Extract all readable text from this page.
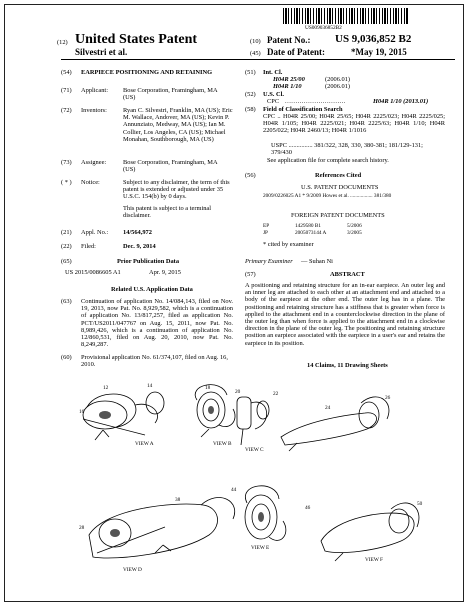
US009036852B2
(12) United States Patent
Silvestri et al.
(10) Patent No.: US 9,036,852 B2
(45) Date of Patent:	*May 19, 2015
(54) EARPIECE POSITIONING AND RETAINING
(71) Applicant: Bose Corporation, Framingham, MA (US)
(72) Inventors:	Ryan C. Silvestri, Franklin, MA (US); Eric M. Wallace, Andover, MA (US); Kevin P. Annunziato, Medway, MA (US); Ian M. Collier, Los Angeles, CA (US); Michael Monahan, Southborough, MA (US)
(73) Assignee:	Bose Corporation, Framingham, MA (US)
( * ) Notice:	Subject to any disclaimer, the term of this patent is extended or adjusted under 35 U.S.C. 154(b) by 0 days.
This patent is subject to a terminal disclaimer.
(21) Appl. No.: 14/564,972
(22) Filed:	Dec. 9, 2014
(65)	Prior Publication Data
US 2015/0086605 A1	Apr. 9, 2015
Related U.S. Application Data
(63) Continuation of application No. 14/084,143, filed on Nov. 19, 2013, now Pat. No. 8,929,582, which is a continuation of application No. 13/817,257, filed as application No. PCT/US2011/047767 on Aug. 15, 2011, now Pat. No. 8,989,426, which is a continuation of application No. 12/860,531, filed on Aug. 20, 2010, now Pat. No. 8,249,287.
(60) Provisional application No. 61/374,107, filed on Aug. 16, 2010.
(51) Int. Cl.
H04R 25/00	(2006.01)
H04R 1/10	(2006.01)
(52) U.S. Cl.
CPC .............................	H04R 1/10 (2013.01)
(58) Field of Classification Search
CPC .. H04R 25/00; H04R 25/65; H04R 2225/023; H04R 2225/025; H04R 1/105; H04R 2225/021; H04R 2225/63; H04R 1/10; H04R 2205/022; H04R 2460/13; H04R 1/1016
USPC ............... 381/322, 328, 330, 380-381; 181/129-131; 379/430
See application file for complete search history.
(56)	References Cited
U.S. PATENT DOCUMENTS
2009/0226025 A1 * 9/2009 Howes et al. ................. 381/380
FOREIGN PATENT DOCUMENTS
EP	1429580 B1	5/2006
JP	2005073144 A	3/2005
* cited by examiner
Primary Examiner — Suhan Ni
(57)	ABSTRACT
A positioning and retaining structure for an in-ear earpiece. An outer leg and an inner leg are attached to each other at an attachment end and attached to a body of the earpiece at the other end. The outer leg has in a plane. The positioning and retaining structure has a stiffness that is greater when force is applied to the attachment end in a counterclockwise direction in the plane of the outer leg than when force is applied to the attachment end in a clockwise direction in the plane of the outer leg. The positioning and retaining structure position an earpiece associated with the earpiece in a user's ear and retains the earpiece in its position.
14 Claims, 11 Drawing Sheets
VIEW A	VIEW B
VIEW C
VIEW D
VIEW E
VIEW F
12	14
16
18
20	22
24
26
28
38
44
46
50
